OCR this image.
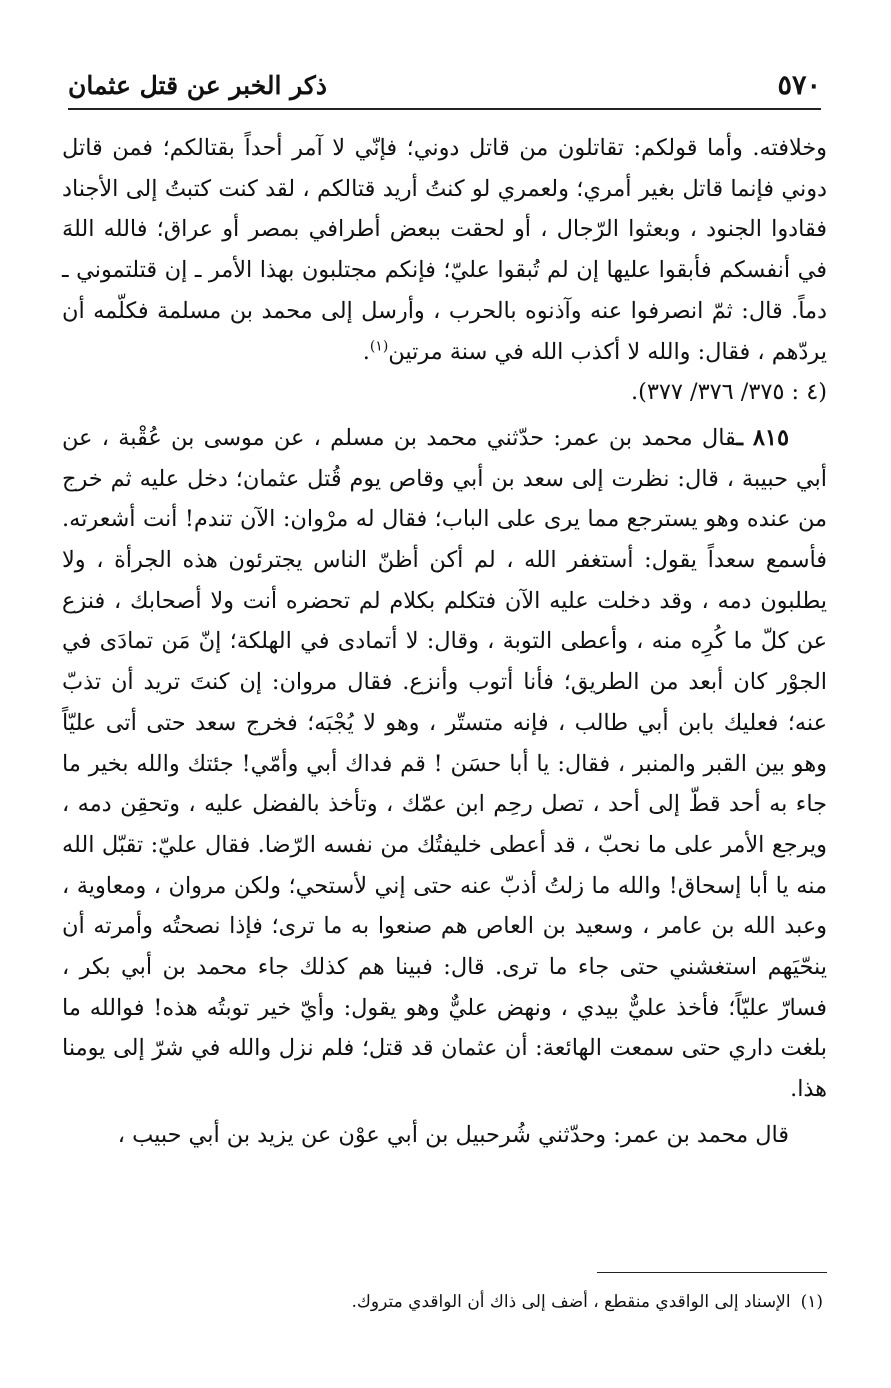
٥٧٠
ذكر الخبر عن قتل عثمان

وخلافته. وأما قولكم: تقاتلون من قاتل دوني؛ فإنّي لا آمر أحداً بقتالكم؛ فمن قاتل دوني فإنما قاتل بغير أمري؛ ولعمري لو كنتُ أريد قتالكم ، لقد كنت كتبتُ إلى الأجناد فقادوا الجنود ، وبعثوا الرّجال ، أو لحقت ببعض أطرافي بمصر أو عراق؛ فالله اللهَ في أنفسكم فأبقوا عليها إن لم تُبقوا عليّ؛ فإنكم مجتلبون بهذا الأمر ـ إن قتلتموني ـ دماً. قال: ثمّ انصرفوا عنه وآذنوه بالحرب ، وأرسل إلى محمد بن مسلمة فكلّمه أن يردّهم ، فقال: والله لا أكذب الله في سنة مرتين$^{(١)}$.
(٤ : ٣٧٥/ ٣٧٦/ ٣٧٧).

٨١٥ ـقال محمد بن عمر: حدّثني محمد بن مسلم ، عن موسى بن عُقْبة ، عن أبي حبيبة ، قال: نظرت إلى سعد بن أبي وقاص يوم قُتل عثمان؛ دخل عليه ثم خرج من عنده وهو يسترجع مما يرى على الباب؛ فقال له مرْوان: الآن تندم! أنت أشعرته. فأسمع سعداً يقول: أستغفر الله ، لم أكن أظنّ الناس يجترئون هذه الجرأة ، ولا يطلبون دمه ، وقد دخلت عليه الآن فتكلم بكلام لم تحضره أنت ولا أصحابك ، فنزع عن كلّ ما كُرِه منه ، وأعطى التوبة ، وقال: لا أتمادى في الهلكة؛ إنّ مَن تمادَى في الجوْر كان أبعد من الطريق؛ فأنا أتوب وأنزع. فقال مروان: إن كنتَ تريد أن تذبّ عنه؛ فعليك بابن أبي طالب ، فإنه متستّر ، وهو لا يُجْبَه؛ فخرج سعد حتى أتى عليّاً وهو بين القبر والمنبر ، فقال: يا أبا حسَن ! قم فداك أبي وأمّي! جئتك والله بخير ما جاء به أحد قطّ إلى أحد ، تصل رحِم ابن عمّك ، وتأخذ بالفضل عليه ، وتحقِن دمه ، ويرجع الأمر على ما نحبّ ، قد أعطى خليفتُك من نفسه الرّضا. فقال عليّ: تقبّل الله منه يا أبا إسحاق! والله ما زلتُ أذبّ عنه حتى إني لأستحي؛ ولكن مروان ، ومعاوية ، وعبد الله بن عامر ، وسعيد بن العاص هم صنعوا به ما ترى؛ فإذا نصحتُه وأمرته أن ينحّيَهم استغشني حتى جاء ما ترى. قال: فبينا هم كذلك جاء محمد بن أبي بكر ، فسارّ عليّاً؛ فأخذ عليٌّ بيدي ، ونهض عليٌّ وهو يقول: وأيّ خير توبتُه هذه! فوالله ما بلغت داري حتى سمعت الهائعة: أن عثمان قد قتل؛ فلم نزل والله في شرّ إلى يومنا هذا.

قال محمد بن عمر: وحدّثني شُرحبيل بن أبي عوْن عن يزيد بن أبي حبيب ،

(١)الإسناد إلى الواقدي منقطع ، أضف إلى ذاك أن الواقدي متروك.
